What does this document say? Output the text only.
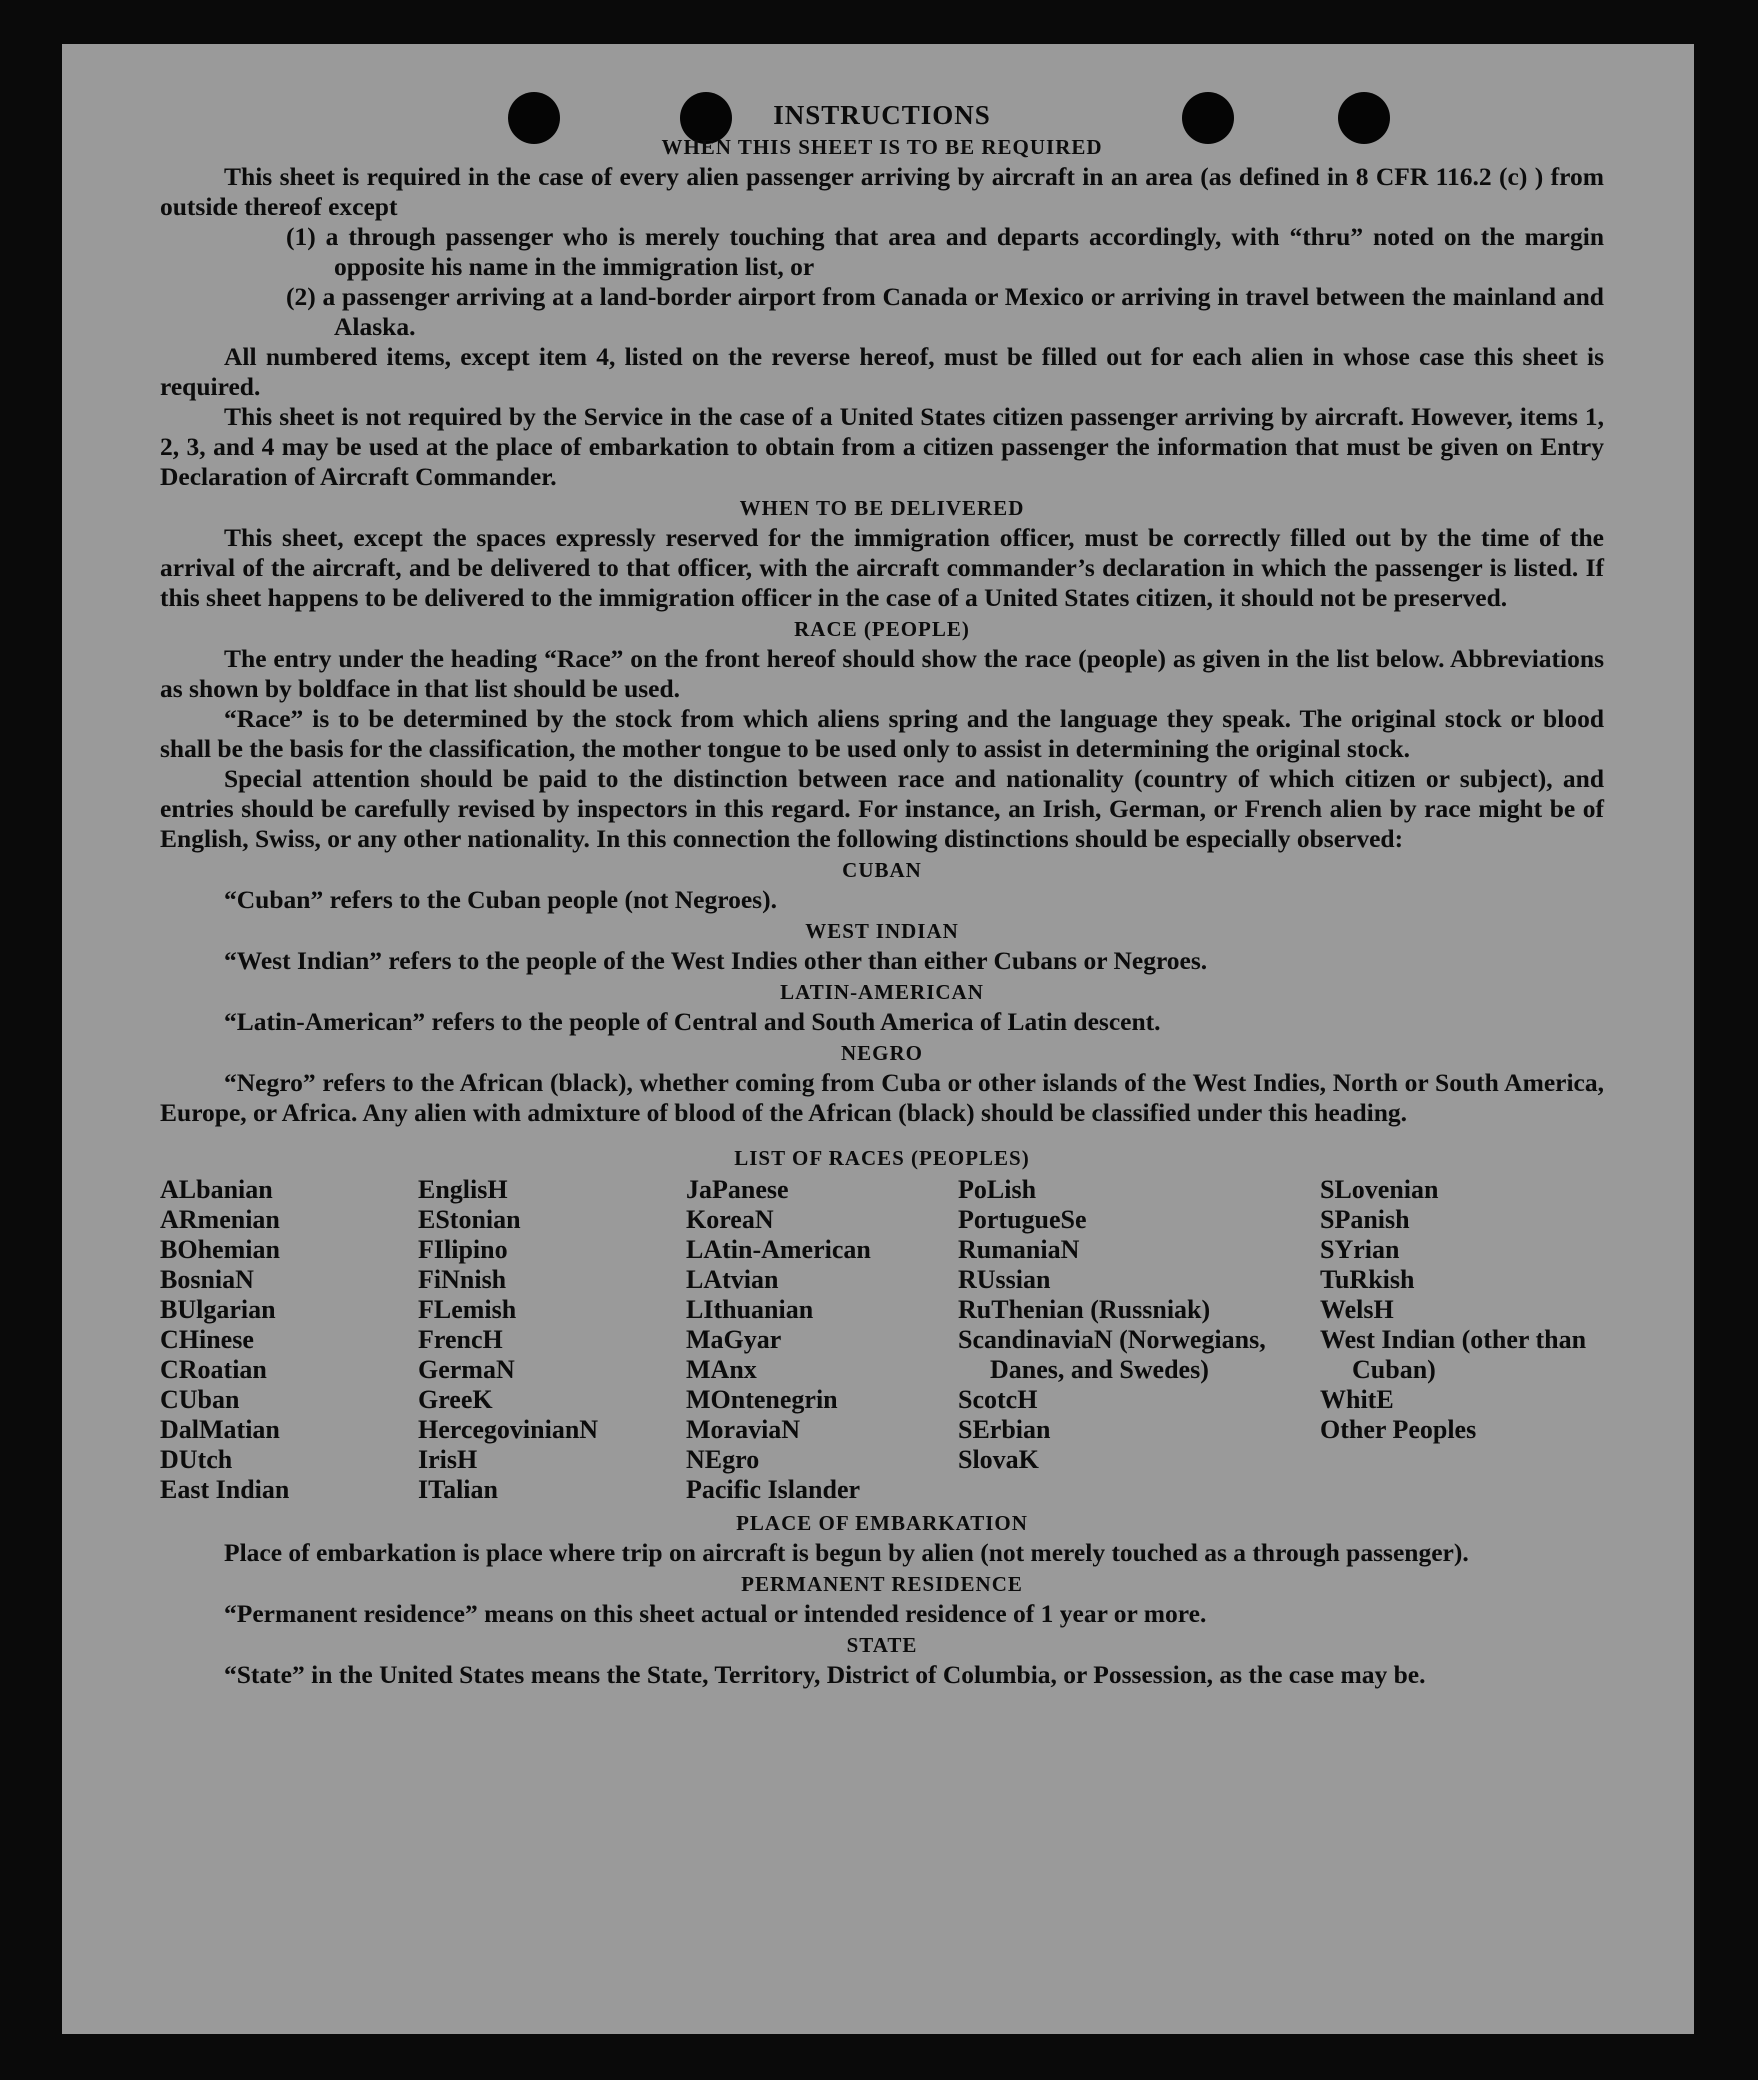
INSTRUCTIONS
WHEN THIS SHEET IS TO BE REQUIRED

This sheet is required in the case of every alien passenger arriving by aircraft in an area (as defined in 8 CFR 116.2 (c) ) from outside thereof except

(1) a through passenger who is merely touching that area and departs accordingly, with “thru” noted on the margin opposite his name in the immigration list, or
(2) a passenger arriving at a land-border airport from Canada or Mexico or arriving in travel between the mainland and Alaska.

All numbered items, except item 4, listed on the reverse hereof, must be filled out for each alien in whose case this sheet is required.

This sheet is not required by the Service in the case of a United States citizen passenger arriving by aircraft. However, items 1, 2, 3, and 4 may be used at the place of embarkation to obtain from a citizen passenger the information that must be given on Entry Declaration of Aircraft Commander.

WHEN TO BE DELIVERED

This sheet, except the spaces expressly reserved for the immigration officer, must be correctly filled out by the time of the arrival of the aircraft, and be delivered to that officer, with the aircraft commander’s declaration in which the passenger is listed. If this sheet happens to be delivered to the immigration officer in the case of a United States citizen, it should not be preserved.

RACE (PEOPLE)

The entry under the heading “Race” on the front hereof should show the race (people) as given in the list below. Abbreviations as shown by boldface in that list should be used.

“Race” is to be determined by the stock from which aliens spring and the language they speak. The original stock or blood shall be the basis for the classification, the mother tongue to be used only to assist in determining the original stock.

Special attention should be paid to the distinction between race and nationality (country of which citizen or subject), and entries should be carefully revised by inspectors in this regard. For instance, an Irish, German, or French alien by race might be of English, Swiss, or any other nationality. In this connection the following distinctions should be especially observed:

CUBAN
“Cuban” refers to the Cuban people (not Negroes).
WEST INDIAN
“West Indian” refers to the people of the West Indies other than either Cubans or Negroes.
LATIN-AMERICAN
“Latin-American” refers to the people of Central and South America of Latin descent.
NEGRO

“Negro” refers to the African (black), whether coming from Cuba or other islands of the West Indies, North or South America, Europe, or Africa. Any alien with admixture of blood of the African (black) should be classified under this heading.

LIST OF RACES (PEOPLES)
ALbanian
ARmenian
BOhemian
BosniaN
BUlgarian
CHinese
CRoatian
CUban
DalMatian
DUtch
East Indian
EnglisH
EStonian
FIlipino
FiNnish
FLemish
FrencH
GermaN
GreeK
HercegovinianN
IrisH
ITalian
JaPanese
KoreaN
LAtin-American
LAtvian
LIthuanian
MaGyar
MAnx
MOntenegrin
MoraviaN
NEgro
Pacific Islander
PoLish
PortugueSe
RumaniaN
RUssian
RuThenian (Russniak)
ScandinaviaN (Norwegians, Danes, and Swedes)
ScotcH
SErbian
SlovaK
SLovenian
SPanish
SYrian
TuRkish
WelsH
West Indian (other than Cuban)
WhitE
Other Peoples
PLACE OF EMBARKATION

Place of embarkation is place where trip on aircraft is begun by alien (not merely touched as a through passenger).

PERMANENT RESIDENCE
“Permanent residence” means on this sheet actual or intended residence of 1 year or more.
STATE

“State” in the United States means the State, Territory, District of Columbia, or Possession, as the case may be.
